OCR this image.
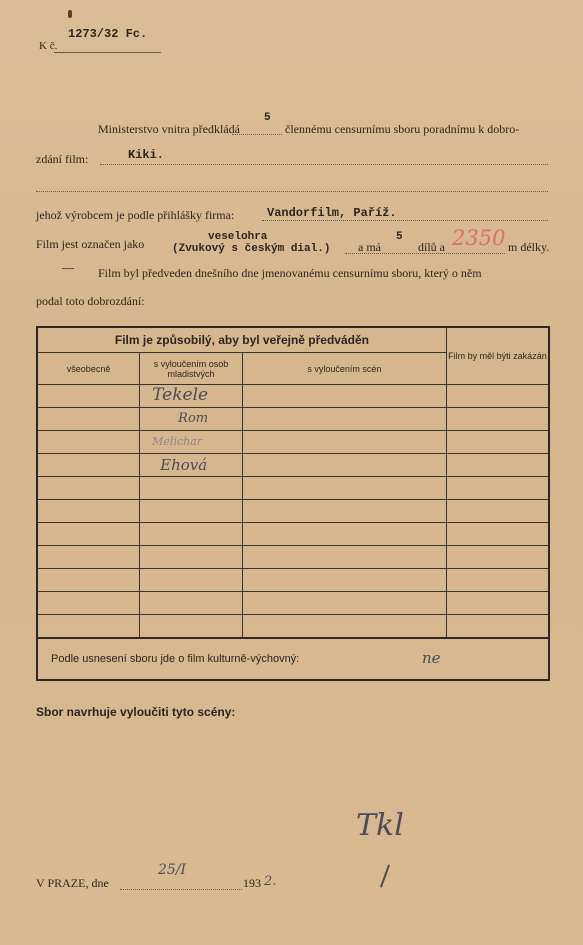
1273/32 Fc.
K č.
Ministerstvo vnitra předkládá
5
člennému censurnímu sboru poradnímu k dobro-
zdání film:	Kiki.
jehož výrobcem je podle přihlášky firma:	Vandorfilm, Paříž.
Film jest označen jako	veselohra
(Zvukový s českým dial.) a má
5
dílů a 2350 m délky.
Film byl předveden dnešního dne jmenovanému censurnímu sboru, který o něm
podal toto dobrozdání:
Film je způsobilý, aby byl veřejně předváděn			Film by měl býti zakázán
všeobecně	s vyloučením osob mladistvých	s vyloučením scén	

	Tekele		

	Rom		

	Melichar		

	Ehová		

Podle usnesení sboru jde o film kulturně-výchovný: ne			
Sbor navrhuje vyloučiti tyto scény:
Tkl
V PRAZE, dne
25/I
193 2.
